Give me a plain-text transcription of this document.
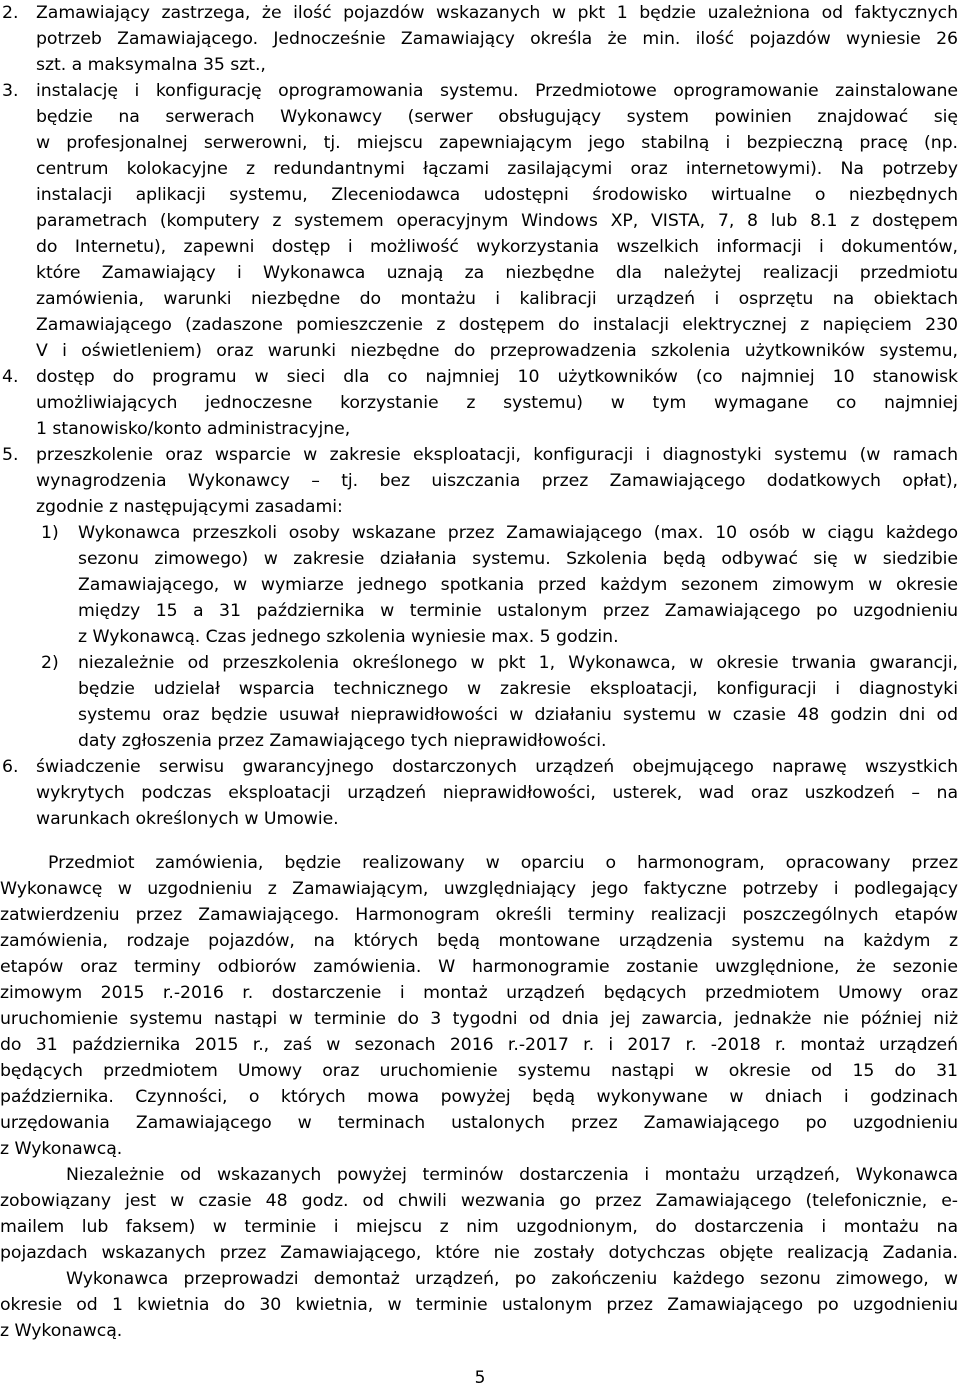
2. Zamawiający zastrzega, że ilość pojazdów wskazanych w pkt 1 będzie uzależniona od faktycznych
potrzeb Zamawiającego. Jednocześnie Zamawiający określa że min. ilość pojazdów wyniesie 26
szt. a maksymalna 35 szt.,
3. instalację i konfigurację oprogramowania systemu. Przedmiotowe oprogramowanie zainstalowane
będzie na serwerach Wykonawcy (serwer obsługujący system powinien znajdować się
w profesjonalnej serwerowni, tj. miejscu zapewniającym jego stabilną i bezpieczną pracę (np.
centrum kolokacyjne z redundantnymi łączami zasilającymi oraz internetowymi). Na potrzeby
instalacji aplikacji systemu, Zleceniodawca udostępni środowisko wirtualne o niezbędnych
parametrach (komputery z systemem operacyjnym Windows XP, VISTA, 7, 8 lub 8.1 z dostępem
do Internetu), zapewni dostęp i możliwość wykorzystania wszelkich informacji i dokumentów,
które Zamawiający i Wykonawca uznają za niezbędne dla należytej realizacji przedmiotu
zamówienia, warunki niezbędne do montażu i kalibracji urządzeń i osprzętu na obiektach
Zamawiającego (zadaszone pomieszczenie z dostępem do instalacji elektrycznej z napięciem 230
V i oświetleniem) oraz warunki niezbędne do przeprowadzenia szkolenia użytkowników systemu,
4. dostęp do programu w sieci dla co najmniej 10 użytkowników (co najmniej 10 stanowisk
umożliwiających jednoczesne korzystanie z systemu) w tym wymagane co najmniej
1 stanowisko/konto administracyjne,
5. przeszkolenie oraz wsparcie w zakresie eksploatacji, konfiguracji i diagnostyki systemu (w ramach
wynagrodzenia Wykonawcy – tj. bez uiszczania przez Zamawiającego dodatkowych opłat),
zgodnie z następującymi zasadami:
1) Wykonawca przeszkoli osoby wskazane przez Zamawiającego (max. 10 osób w ciągu każdego
sezonu zimowego) w zakresie działania systemu. Szkolenia będą odbywać się w siedzibie
Zamawiającego, w wymiarze jednego spotkania przed każdym sezonem zimowym w okresie
między 15 a 31 października w terminie ustalonym przez Zamawiającego po uzgodnieniu
z Wykonawcą. Czas jednego szkolenia wyniesie max. 5 godzin.
2) niezależnie od przeszkolenia określonego w pkt 1, Wykonawca, w okresie trwania gwarancji,
będzie udzielał wsparcia technicznego w zakresie eksploatacji, konfiguracji i diagnostyki
systemu oraz będzie usuwał nieprawidłowości w działaniu systemu w czasie 48 godzin dni od
daty zgłoszenia przez Zamawiającego tych nieprawidłowości.
6. świadczenie serwisu gwarancyjnego dostarczonych urządzeń obejmującego naprawę wszystkich
wykrytych podczas eksploatacji urządzeń nieprawidłowości, usterek, wad oraz uszkodzeń – na
warunkach określonych w Umowie.
Przedmiot zamówienia, będzie realizowany w oparciu o harmonogram, opracowany przez
Wykonawcę w uzgodnieniu z Zamawiającym, uwzględniający jego faktyczne potrzeby i podlegający
zatwierdzeniu przez Zamawiającego. Harmonogram określi terminy realizacji poszczególnych etapów
zamówienia, rodzaje pojazdów, na których będą montowane urządzenia systemu na każdym z
etapów oraz terminy odbiorów zamówienia. W harmonogramie zostanie uwzględnione, że sezonie
zimowym 2015 r.-2016 r. dostarczenie i montaż urządzeń będących przedmiotem Umowy oraz
uruchomienie systemu nastąpi w terminie do 3 tygodni od dnia jej zawarcia, jednakże nie później niż
do 31 października 2015 r., zaś w sezonach 2016 r.-2017 r. i 2017 r. -2018 r. montaż urządzeń
będących przedmiotem Umowy oraz uruchomienie systemu nastąpi w okresie od 15 do 31
października. Czynności, o których mowa powyżej będą wykonywane w dniach i godzinach
urzędowania Zamawiającego w terminach ustalonych przez Zamawiającego po uzgodnieniu
z Wykonawcą.
Niezależnie od wskazanych powyżej terminów dostarczenia i montażu urządzeń, Wykonawca
zobowiązany jest w czasie 48 godz. od chwili wezwania go przez Zamawiającego (telefonicznie, e-
mailem lub faksem) w terminie i miejscu z nim uzgodnionym, do dostarczenia i montażu na
pojazdach wskazanych przez Zamawiającego, które nie zostały dotychczas objęte realizacją Zadania.
Wykonawca przeprowadzi demontaż urządzeń, po zakończeniu każdego sezonu zimowego, w
okresie od 1 kwietnia do 30 kwietnia, w terminie ustalonym przez Zamawiającego po uzgodnieniu
z Wykonawcą.
5
